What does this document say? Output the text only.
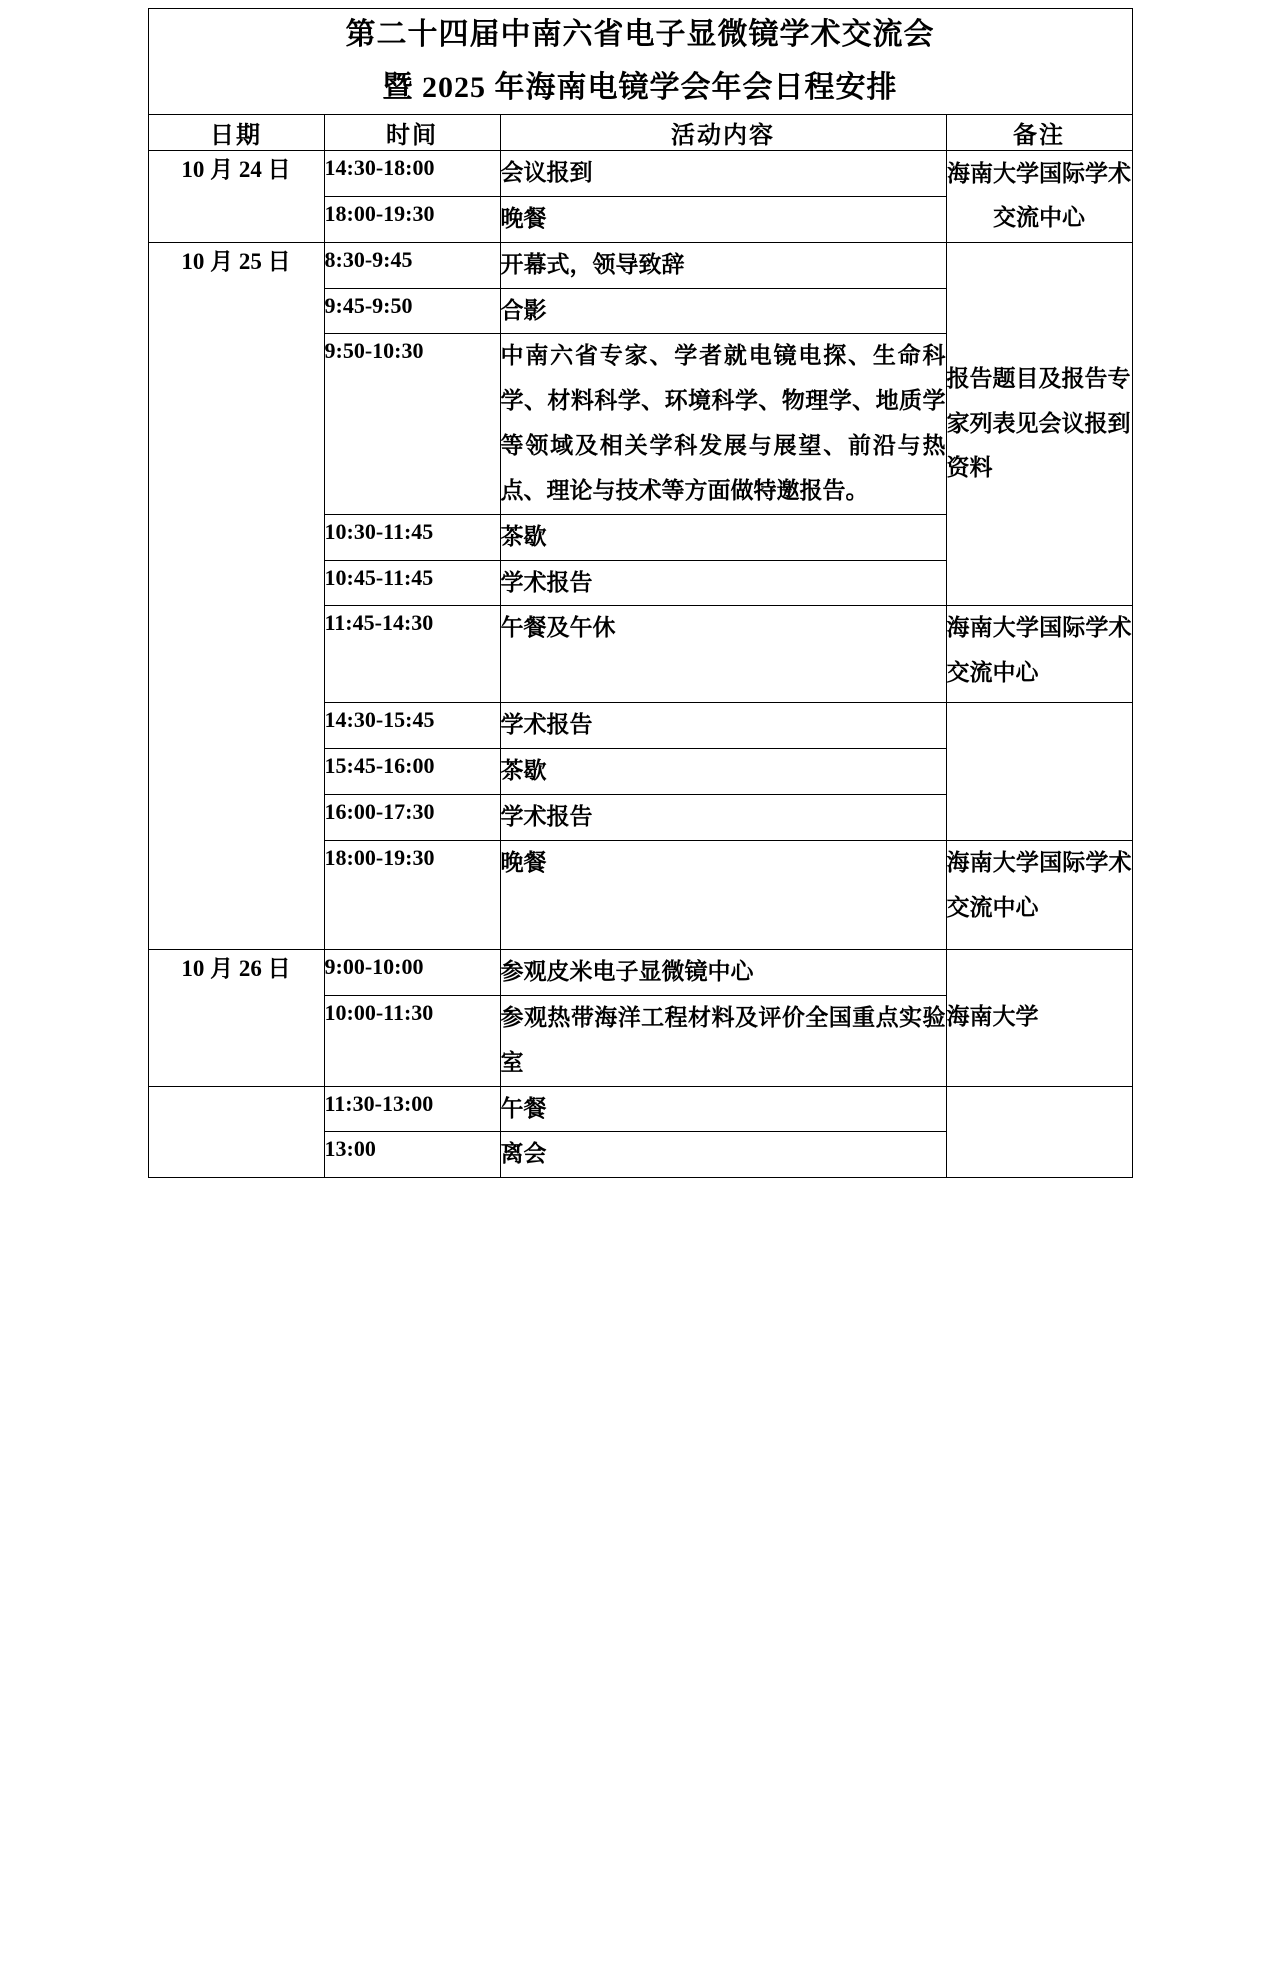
第二十四届中南六省电子显微镜学术交流会
暨 2025 年海南电镜学会年会日程安排			

日期	时间	活动内容	备注
10 月 24 日	14:30-18:00	会议报到	海南大学国际学术交流中心
	18:00-19:30	晚餐	
10 月 25 日	8:30-9:45	开幕式，领导致辞	报告题目及报告专家列表见会议报到资料
	9:45-9:50	合影	
	9:50-10:30	中南六省专家、学者就电镜电探、生命科学、材料科学、环境科学、物理学、地质学等领域及相关学科发展与展望、前沿与热点、理论与技术等方面做特邀报告。	
	10:30-11:45	茶歇	
	10:45-11:45	学术报告	
	11:45-14:30	午餐及午休	海南大学国际学术交流中心
	14:30-15:45	学术报告	
	15:45-16:00	茶歇	
	16:00-17:30	学术报告	
	18:00-19:30	晚餐	海南大学国际学术交流中心
10 月 26 日	9:00-10:00	参观皮米电子显微镜中心	海南大学
	10:00-11:30	参观热带海洋工程材料及评价全国重点实验室	
	11:30-13:00	午餐	
	13:00	离会	
